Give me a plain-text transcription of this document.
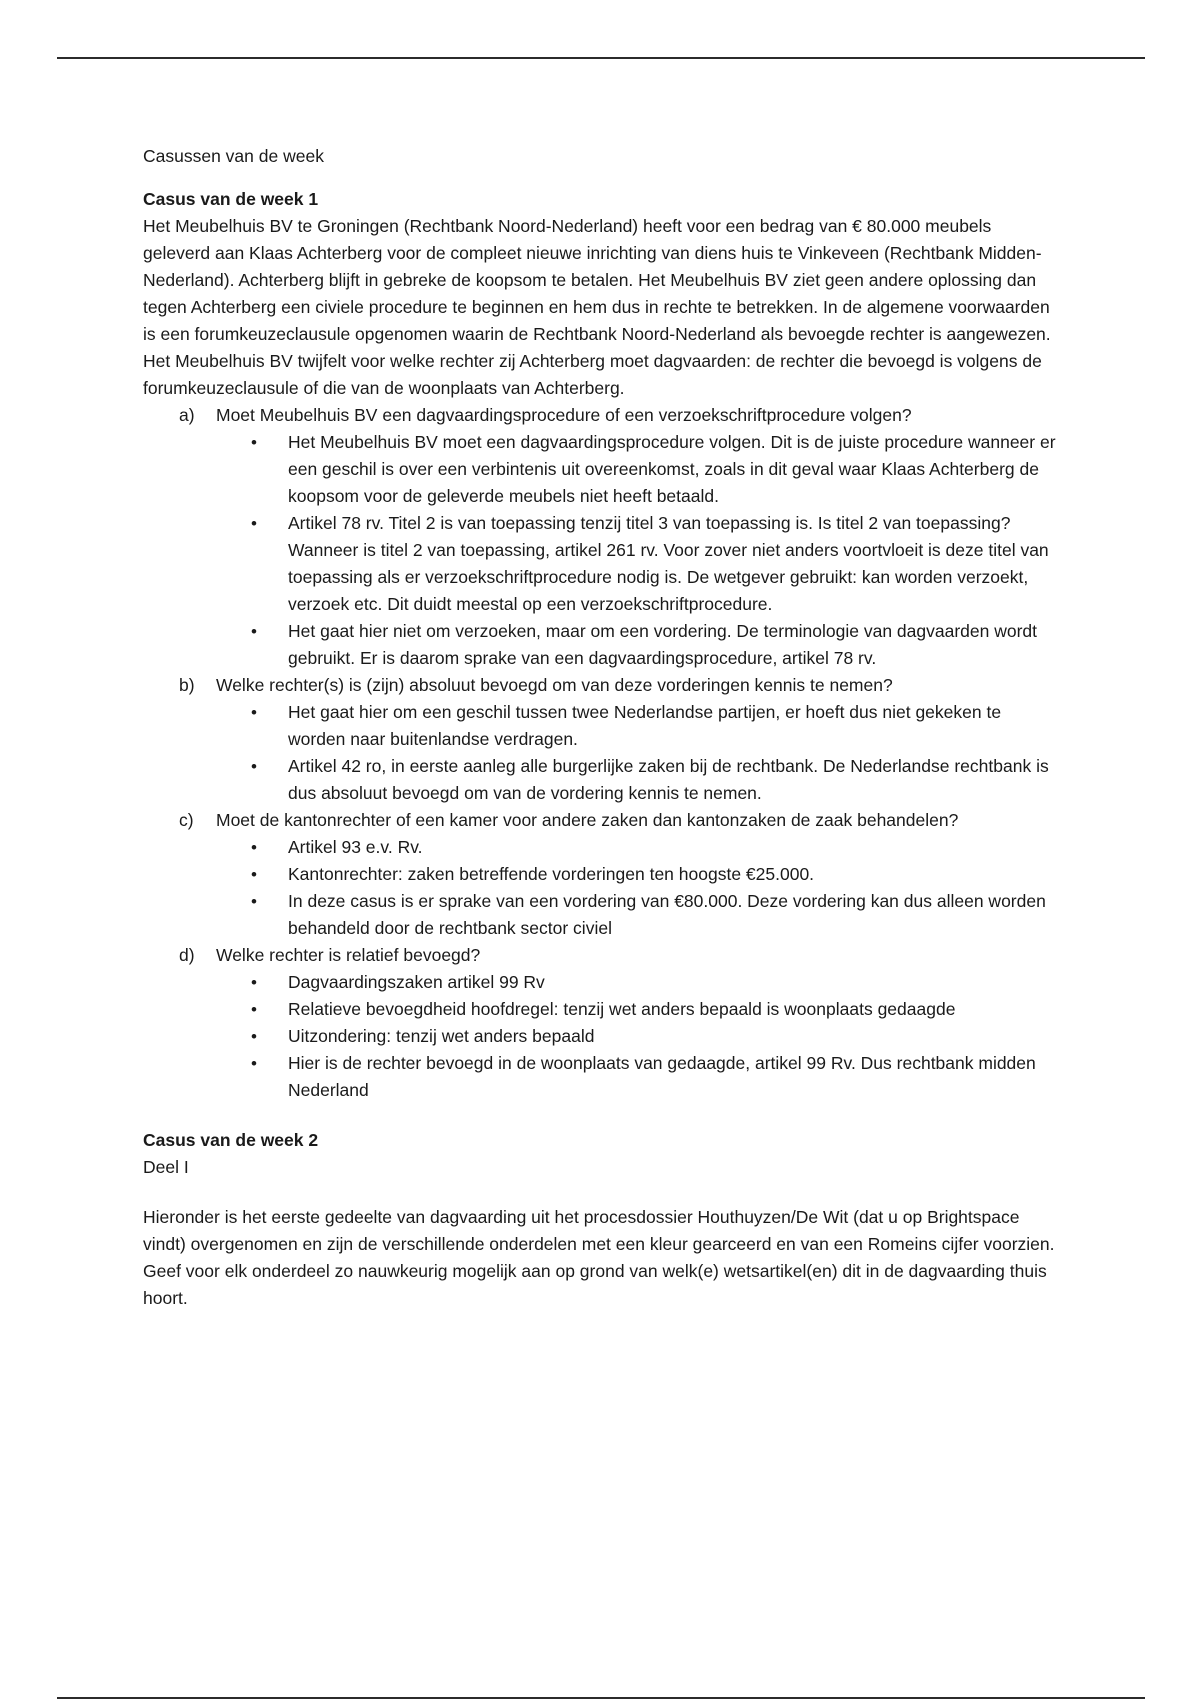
Casussen van de week

Casus van de week 1

Het Meubelhuis BV te Groningen (Rechtbank Noord-Nederland) heeft voor een bedrag van € 80.000 meubels geleverd aan Klaas Achterberg voor de compleet nieuwe inrichting van diens huis te Vinkeveen (Rechtbank Midden-Nederland). Achterberg blijft in gebreke de koopsom te betalen. Het Meubelhuis BV ziet geen andere oplossing dan tegen Achterberg een civiele procedure te beginnen en hem dus in rechte te betrekken. In de algemene voorwaarden is een forumkeuzeclausule opgenomen waarin de Rechtbank Noord-Nederland als bevoegde rechter is aangewezen. Het Meubelhuis BV twijfelt voor welke rechter zij Achterberg moet dagvaarden: de rechter die bevoegd is volgens de forumkeuzeclausule of die van de woonplaats van Achterberg.

a) Moet Meubelhuis BV een dagvaardingsprocedure of een verzoekschriftprocedure volgen?
• Het Meubelhuis BV moet een dagvaardingsprocedure volgen. Dit is de juiste procedure wanneer er een geschil is over een verbintenis uit overeenkomst, zoals in dit geval waar Klaas Achterberg de koopsom voor de geleverde meubels niet heeft betaald.
• Artikel 78 rv. Titel 2 is van toepassing tenzij titel 3 van toepassing is. Is titel 2 van toepassing? Wanneer is titel 2 van toepassing, artikel 261 rv. Voor zover niet anders voortvloeit is deze titel van toepassing als er verzoekschriftprocedure nodig is. De wetgever gebruikt: kan worden verzoekt, verzoek etc. Dit duidt meestal op een verzoekschriftprocedure.
• Het gaat hier niet om verzoeken, maar om een vordering. De terminologie van dagvaarden wordt gebruikt. Er is daarom sprake van een dagvaardingsprocedure, artikel 78 rv.
b) Welke rechter(s) is (zijn) absoluut bevoegd om van deze vorderingen kennis te nemen?
• Het gaat hier om een geschil tussen twee Nederlandse partijen, er hoeft dus niet gekeken te worden naar buitenlandse verdragen.
• Artikel 42 ro, in eerste aanleg alle burgerlijke zaken bij de rechtbank. De Nederlandse rechtbank is dus absoluut bevoegd om van de vordering kennis te nemen.
c) Moet de kantonrechter of een kamer voor andere zaken dan kantonzaken de zaak behandelen?
• Artikel 93 e.v. Rv.
• Kantonrechter: zaken betreffende vorderingen ten hoogste €25.000.
• In deze casus is er sprake van een vordering van €80.000. Deze vordering kan dus alleen worden behandeld door de rechtbank sector civiel
d) Welke rechter is relatief bevoegd?
• Dagvaardingszaken artikel 99 Rv
• Relatieve bevoegdheid hoofdregel: tenzij wet anders bepaald is woonplaats gedaagde
• Uitzondering: tenzij wet anders bepaald
• Hier is de rechter bevoegd in de woonplaats van gedaagde, artikel 99 Rv. Dus rechtbank midden Nederland

Casus van de week 2

Deel I

Hieronder is het eerste gedeelte van dagvaarding uit het procesdossier Houthuyzen/De Wit (dat u op Brightspace vindt) overgenomen en zijn de verschillende onderdelen met een kleur gearceerd en van een Romeins cijfer voorzien. Geef voor elk onderdeel zo nauwkeurig mogelijk aan op grond van welk(e) wetsartikel(en) dit in de dagvaarding thuis hoort.
